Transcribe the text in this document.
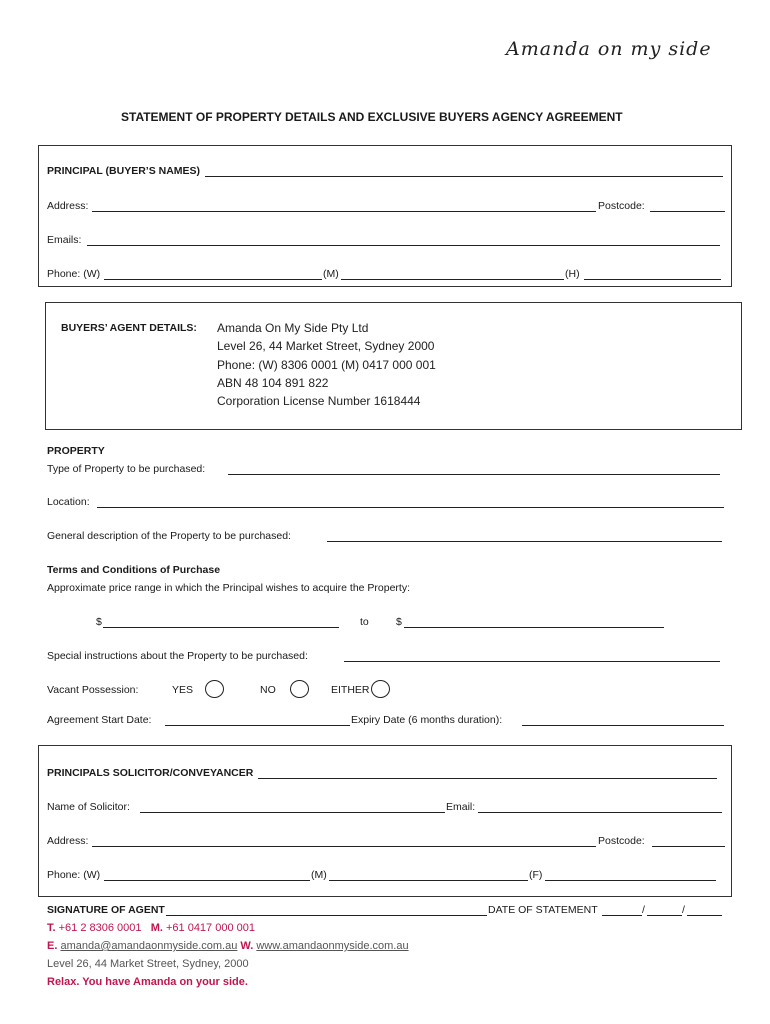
Amanda on my side
STATEMENT OF PROPERTY DETAILS AND EXCLUSIVE BUYERS AGENCY AGREEMENT
PRINCIPAL (BUYER’S NAMES)
Address:	Postcode:
Emails:
Phone: (W)	(M)	(H)
BUYERS’ AGENT DETAILS: Amanda On My Side Pty Ltd
Level 26, 44 Market Street, Sydney 2000
Phone: (W) 8306 0001 (M) 0417 000 001
ABN 48 104 891 822
Corporation License Number 1618444
PROPERTY
Type of Property to be purchased:
Location:
General description of the Property to be purchased:
Terms and Conditions of Purchase
Approximate price range in which the Principal wishes to acquire the Property:
$	to	$
Special instructions about the Property to be purchased:
Vacant Possession:	YES	NO	EITHER
Agreement Start Date:	Expiry Date (6 months duration):
PRINCIPALS SOLICITOR/CONVEYANCER
Name of Solicitor:	Email:
Address:	Postcode:
Phone: (W)	(M)	(F)
SIGNATURE OF AGENT	DATE OF STATEMENT	/	/
T. +61 2 8306 0001 M. +61 0417 000 001
E. amanda@amandaonmyside.com.au W. www.amandaonmyside.com.au
Level 26, 44 Market Street, Sydney, 2000
Relax. You have Amanda on your side.
